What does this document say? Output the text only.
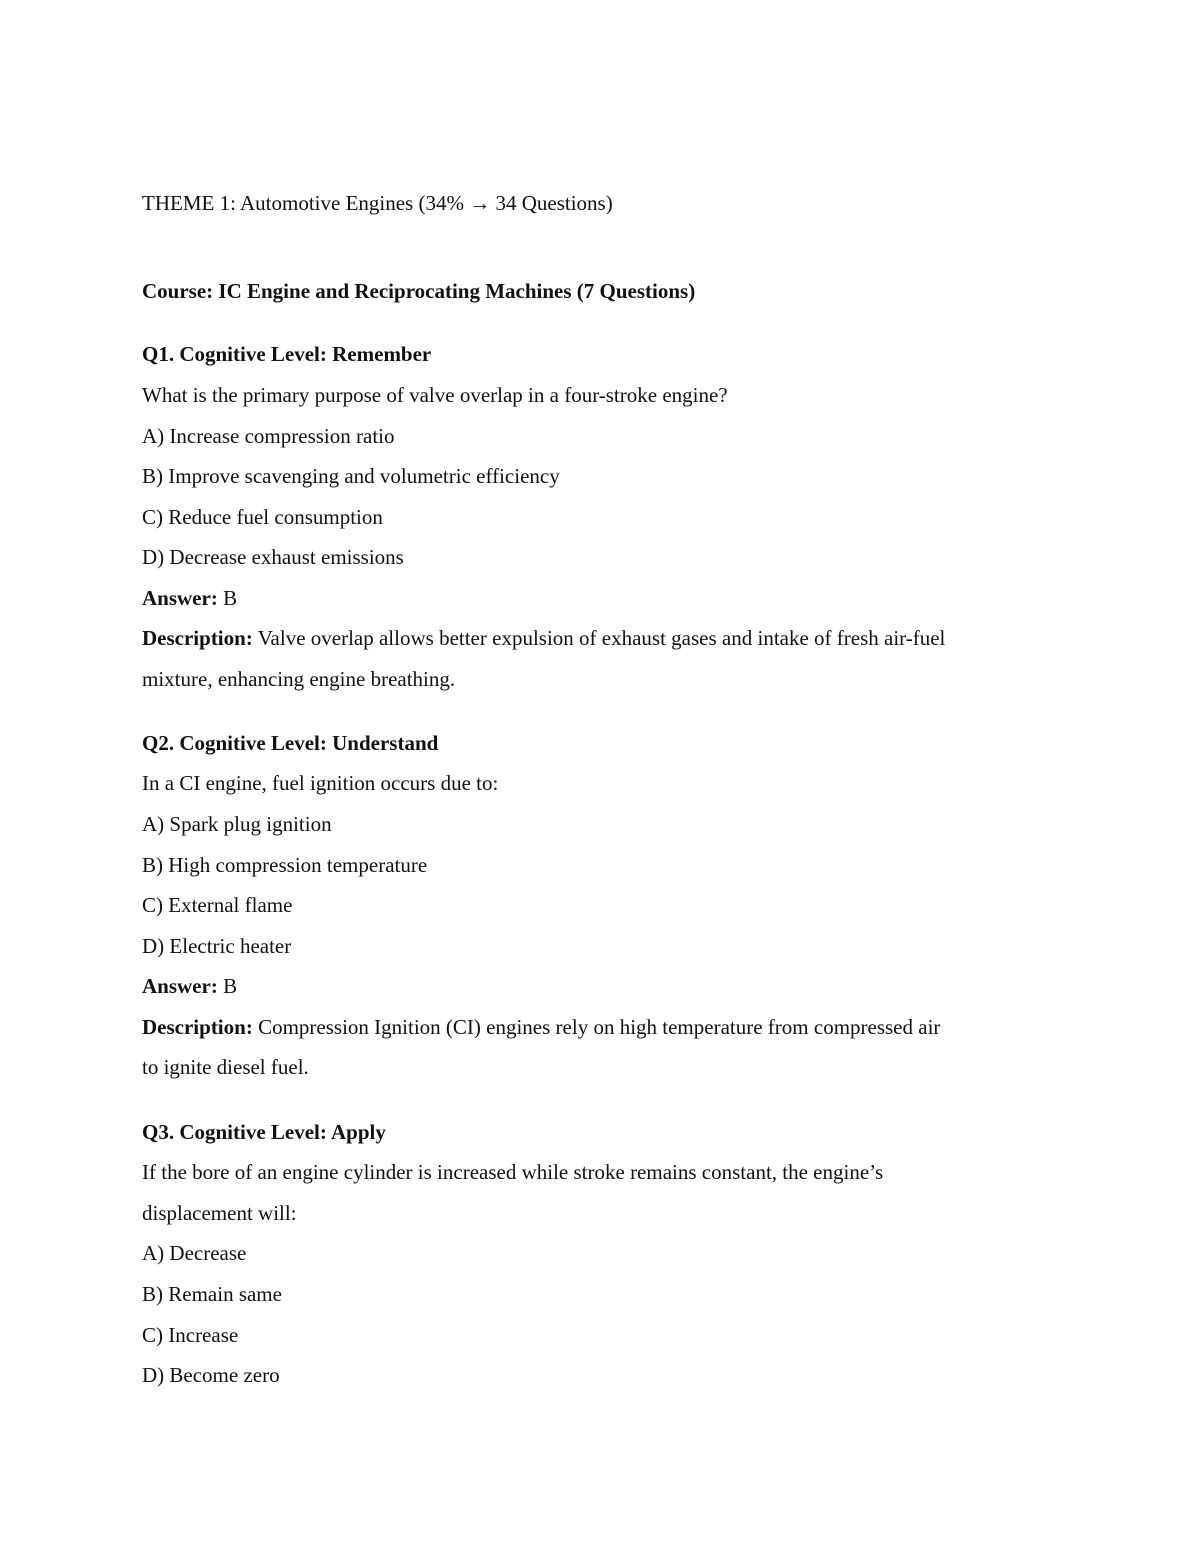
THEME 1: Automotive Engines (34% → 34 Questions)
Course: IC Engine and Reciprocating Machines (7 Questions)
Q1. Cognitive Level: Remember
What is the primary purpose of valve overlap in a four-stroke engine?
A) Increase compression ratio
B) Improve scavenging and volumetric efficiency
C) Reduce fuel consumption
D) Decrease exhaust emissions
Answer: B
Description: Valve overlap allows better expulsion of exhaust gases and intake of fresh air-fuel
mixture, enhancing engine breathing.
Q2. Cognitive Level: Understand
In a CI engine, fuel ignition occurs due to:
A) Spark plug ignition
B) High compression temperature
C) External flame
D) Electric heater
Answer: B
Description: Compression Ignition (CI) engines rely on high temperature from compressed air
to ignite diesel fuel.
Q3. Cognitive Level: Apply
If the bore of an engine cylinder is increased while stroke remains constant, the engine’s
displacement will:
A) Decrease
B) Remain same
C) Increase
D) Become zero
